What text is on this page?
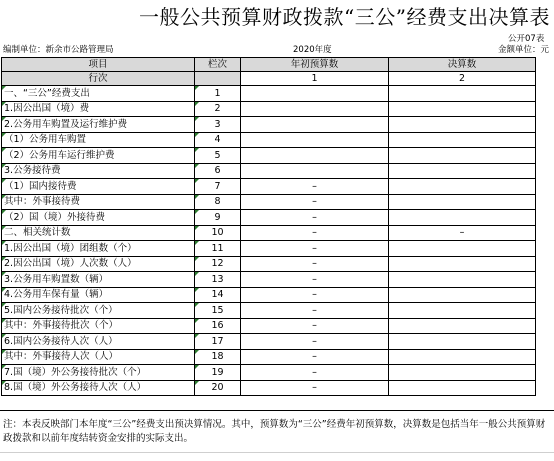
一般公共预算财政拨款“三公”经费支出决算表
公开07表
编制单位：新余市公路管理局	2020年度	金额单位：元
项目	栏次	年初预算数	决算数
行次		1	2
一、“三公”经费支出	1		
1.因公出国（境）费	2		
2.公务用车购置及运行维护费	3		
（1）公务用车购置	4		
（2）公务用车运行维护费	5		
3.公务接待费	6		
（1）国内接待费	7	–	
其中：外事接待费	8	–	
（2）国（境）外接待费	9	–	
二、相关统计数	10	–	–
1.因公出国（境）团组数（个）	11	–	
2.因公出国（境）人次数（人）	12	–	
3.公务用车购置数（辆）	13	–	
4.公务用车保有量（辆）	14	–	
5.国内公务接待批次（个）	15	–	
其中：外事接待批次（个）	16	–	
6.国内公务接待人次（人）	17	–	
其中：外事接待人次（人）	18	–	
7.国（境）外公务接待批次（个）	19	–	
8.国（境）外公务接待人次（人）	20	–	
注：本表反映部门本年度“三公”经费支出预决算情况。其中，预算数为“三公”经费年初预算数，决算数是包括当年一般公共预算财政拨款和以前年度结转资金安排的实际支出。
